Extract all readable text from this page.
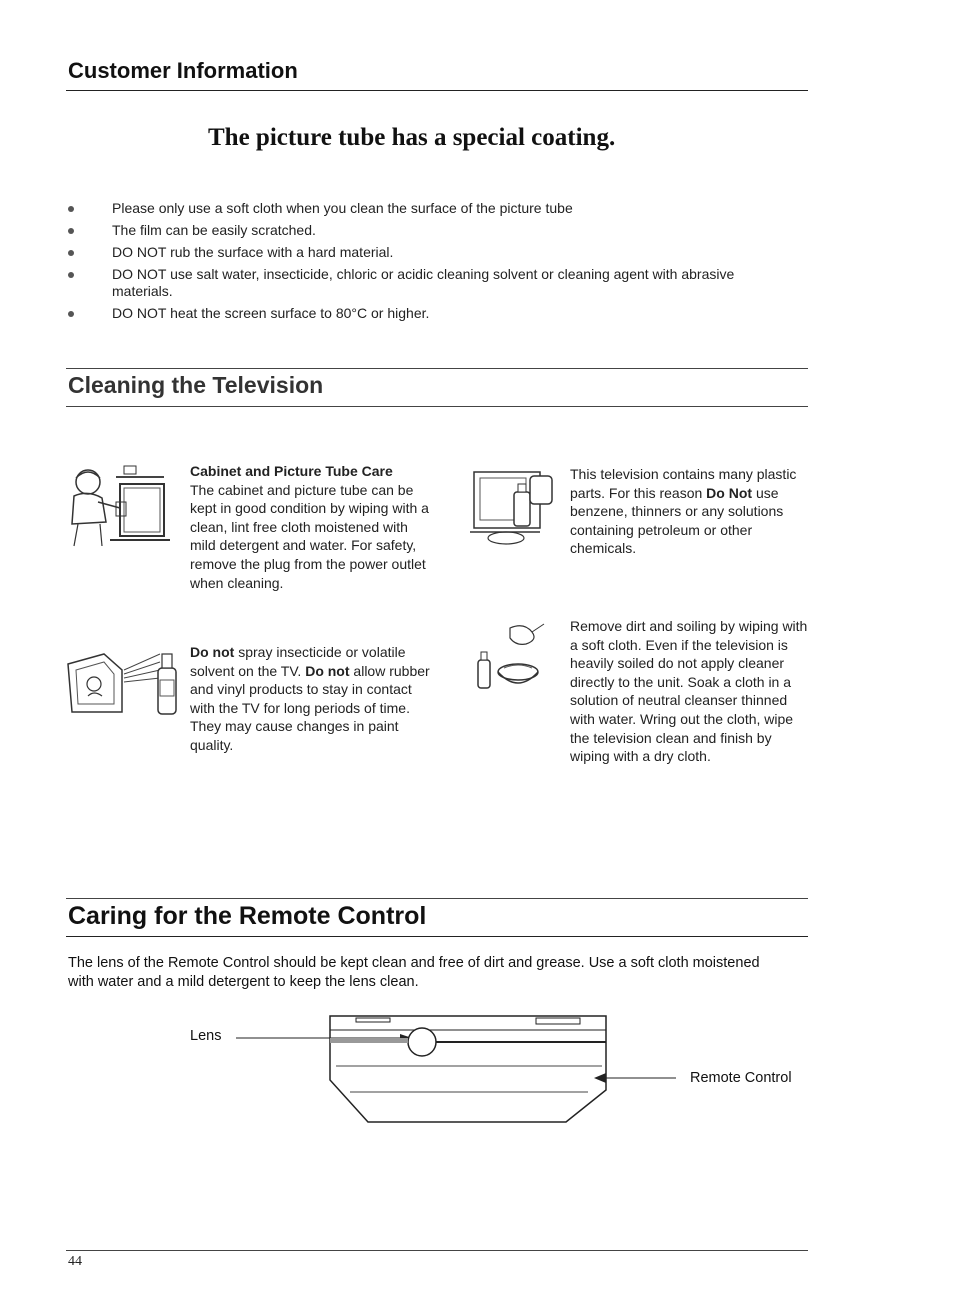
Customer Information
The picture tube has a special coating.
Please only use a soft cloth when you clean the surface of the picture tube
The film can be easily scratched.
DO NOT rub the surface with a hard material.
DO NOT use salt water, insecticide, chloric or acidic cleaning solvent or cleaning agent with abrasive materials.
DO NOT heat the screen surface to 80°C or higher.
Cleaning the Television
Cabinet and Picture Tube Care
The cabinet and picture tube can be kept in good condition by wiping with a clean, lint free cloth moistened with mild detergent and water. For safety, remove the plug from the power outlet when cleaning.
This television contains many plastic parts. For this reason Do Not use benzene, thinners or any solutions containing petroleum or other chemicals.
Do not spray insecticide or volatile solvent on the TV. Do not allow rubber and vinyl products to stay in contact with the TV for long periods of time. They may cause changes in paint quality.
Remove dirt and soiling by wiping with a soft cloth. Even if the television is heavily soiled do not apply cleaner directly to the unit. Soak a cloth in a solution of neutral cleanser thinned with water. Wring out the cloth, wipe the television clean and finish by wiping with a dry cloth.
Caring for the Remote Control
The lens of the Remote Control should be kept clean and free of dirt and grease. Use a soft cloth moistened with water and a mild detergent to keep the lens clean.
Lens
Remote Control
44
